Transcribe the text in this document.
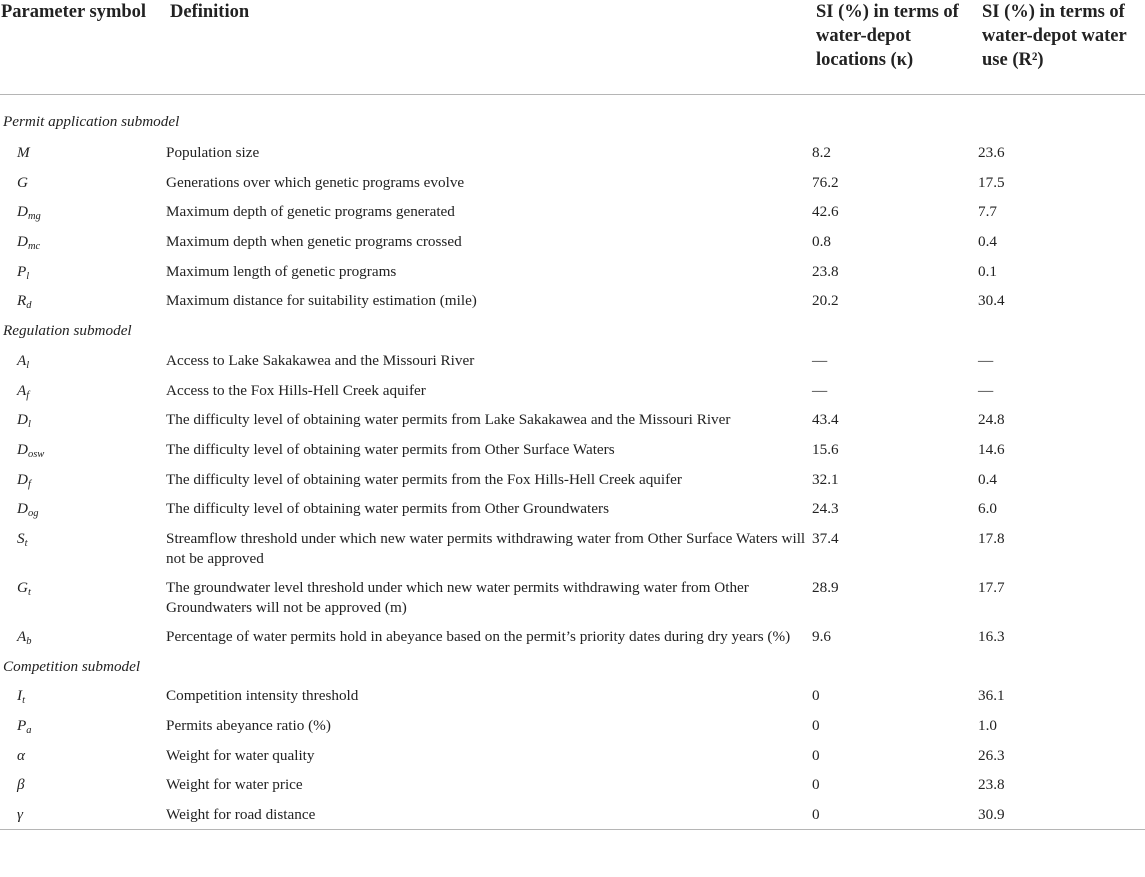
Parameter symbol	Definition	SI (%) in terms of water-depot locations (κ)	SI (%) in terms of water-depot water use (R²)
Permit application submodel			
M	Population size	8.2	23.6
G	Generations over which genetic programs evolve	76.2	17.5
$D_{mg}$	Maximum depth of genetic programs generated	42.6	7.7
$D_{mc}$	Maximum depth when genetic programs crossed	0.8	0.4
$P_l$	Maximum length of genetic programs	23.8	0.1
$R_d$	Maximum distance for suitability estimation (mile)	20.2	30.4
Regulation submodel			
$A_l$	Access to Lake Sakakawea and the Missouri River	—	—
$A_f$	Access to the Fox Hills-Hell Creek aquifer	—	—
$D_l$	The difficulty level of obtaining water permits from Lake Sakakawea and the Missouri River	43.4	24.8
$D_{osw}$	The difficulty level of obtaining water permits from Other Surface Waters	15.6	14.6
$D_f$	The difficulty level of obtaining water permits from the Fox Hills-Hell Creek aquifer	32.1	0.4
$D_{og}$	The difficulty level of obtaining water permits from Other Groundwaters	24.3	6.0
$S_t$	Streamflow threshold under which new water permits withdrawing water from Other Surface Waters will not be approved	37.4	17.8
$G_t$	The groundwater level threshold under which new water permits withdrawing water from Other Groundwaters will not be approved (m)	28.9	17.7
$A_b$	Percentage of water permits hold in abeyance based on the permit’s priority dates during dry years (%)	9.6	16.3
Competition submodel			
$I_t$	Competition intensity threshold	0	36.1
$P_a$	Permits abeyance ratio (%)	0	1.0
α	Weight for water quality	0	26.3
β	Weight for water price	0	23.8
γ	Weight for road distance	0	30.9
